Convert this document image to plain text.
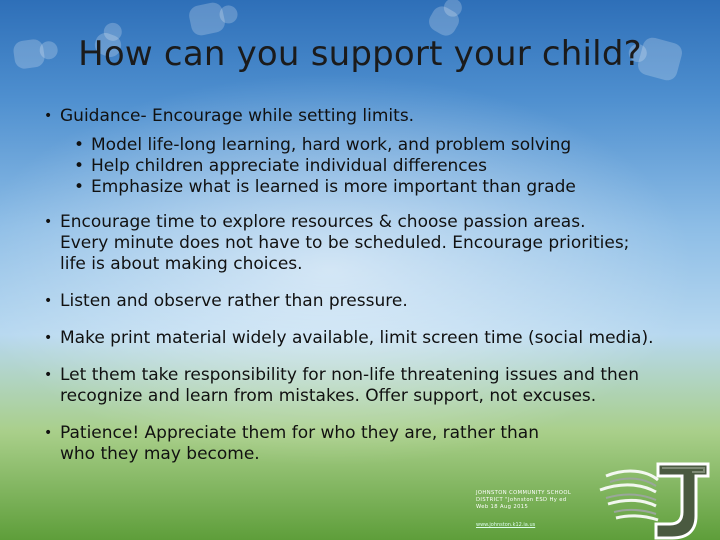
How can you support your child?
• Guidance- Encourage while setting limits.
• Model life-long learning, hard work, and problem solving
• Help children appreciate individual differences
• Emphasize what is learned is more important than grade
• Encourage time to explore resources & choose passion areas.
Every minute does not have to be scheduled. Encourage priorities;
life is about making choices.
• Listen and observe rather than pressure.
• Make print material widely available, limit screen time (social media).
• Let them take responsibility for non-life threatening issues and then
recognize and learn from mistakes. Offer support, not excuses.
• Patience! Appreciate them for who they are, rather than
who they may become.
JOHNSTON COMMUNITY SCHOOL
DISTRICT "Johnston ESD Hy ed
Web 18 Aug 2015
www.johnston.k12.ia.us
